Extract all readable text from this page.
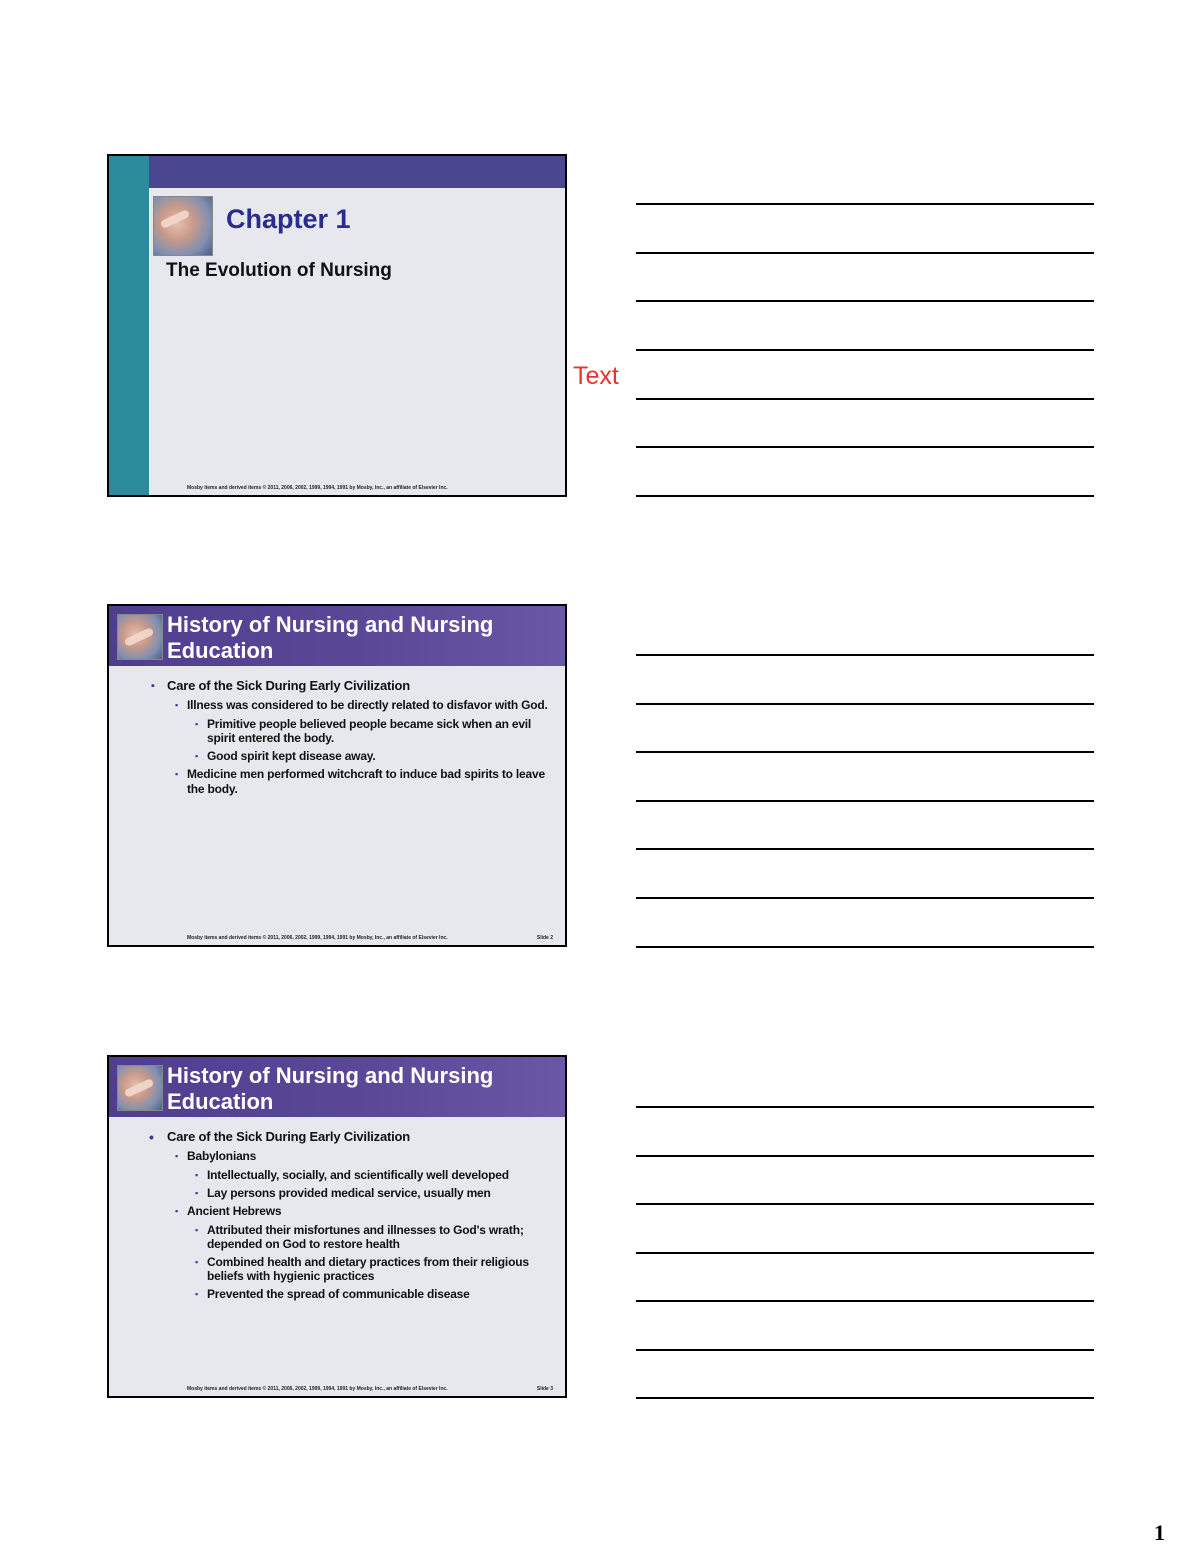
Chapter 1
The Evolution of Nursing
Mosby items and derived items © 2011, 2006, 2002, 1999, 1994, 1991 by Mosby, Inc., an affiliate of Elsevier Inc.
History of Nursing and Nursing Education
▪ Care of the Sick During Early Civilization
▪ Illness was considered to be directly related to disfavor with God.
▪ Primitive people believed people became sick when an evil spirit entered the body.
▪ Good spirit kept disease away.
▪ Medicine men performed witchcraft to induce bad spirits to leave the body.
Mosby items and derived items © 2011, 2006, 2002, 1999, 1994, 1991 by Mosby, Inc., an affiliate of Elsevier Inc.	Slide 2
History of Nursing and Nursing Education
• Care of the Sick During Early Civilization
▪ Babylonians
▪ Intellectually, socially, and scientifically well developed
▪ Lay persons provided medical service, usually men
▪ Ancient Hebrews
▪ Attributed their misfortunes and illnesses to God's wrath; depended on God to restore health
▪ Combined health and dietary practices from their religious beliefs with hygienic practices
▪ Prevented the spread of communicable disease
Mosby items and derived items © 2011, 2006, 2002, 1999, 1994, 1991 by Mosby, Inc., an affiliate of Elsevier Inc.	Slide 3
Text
1
